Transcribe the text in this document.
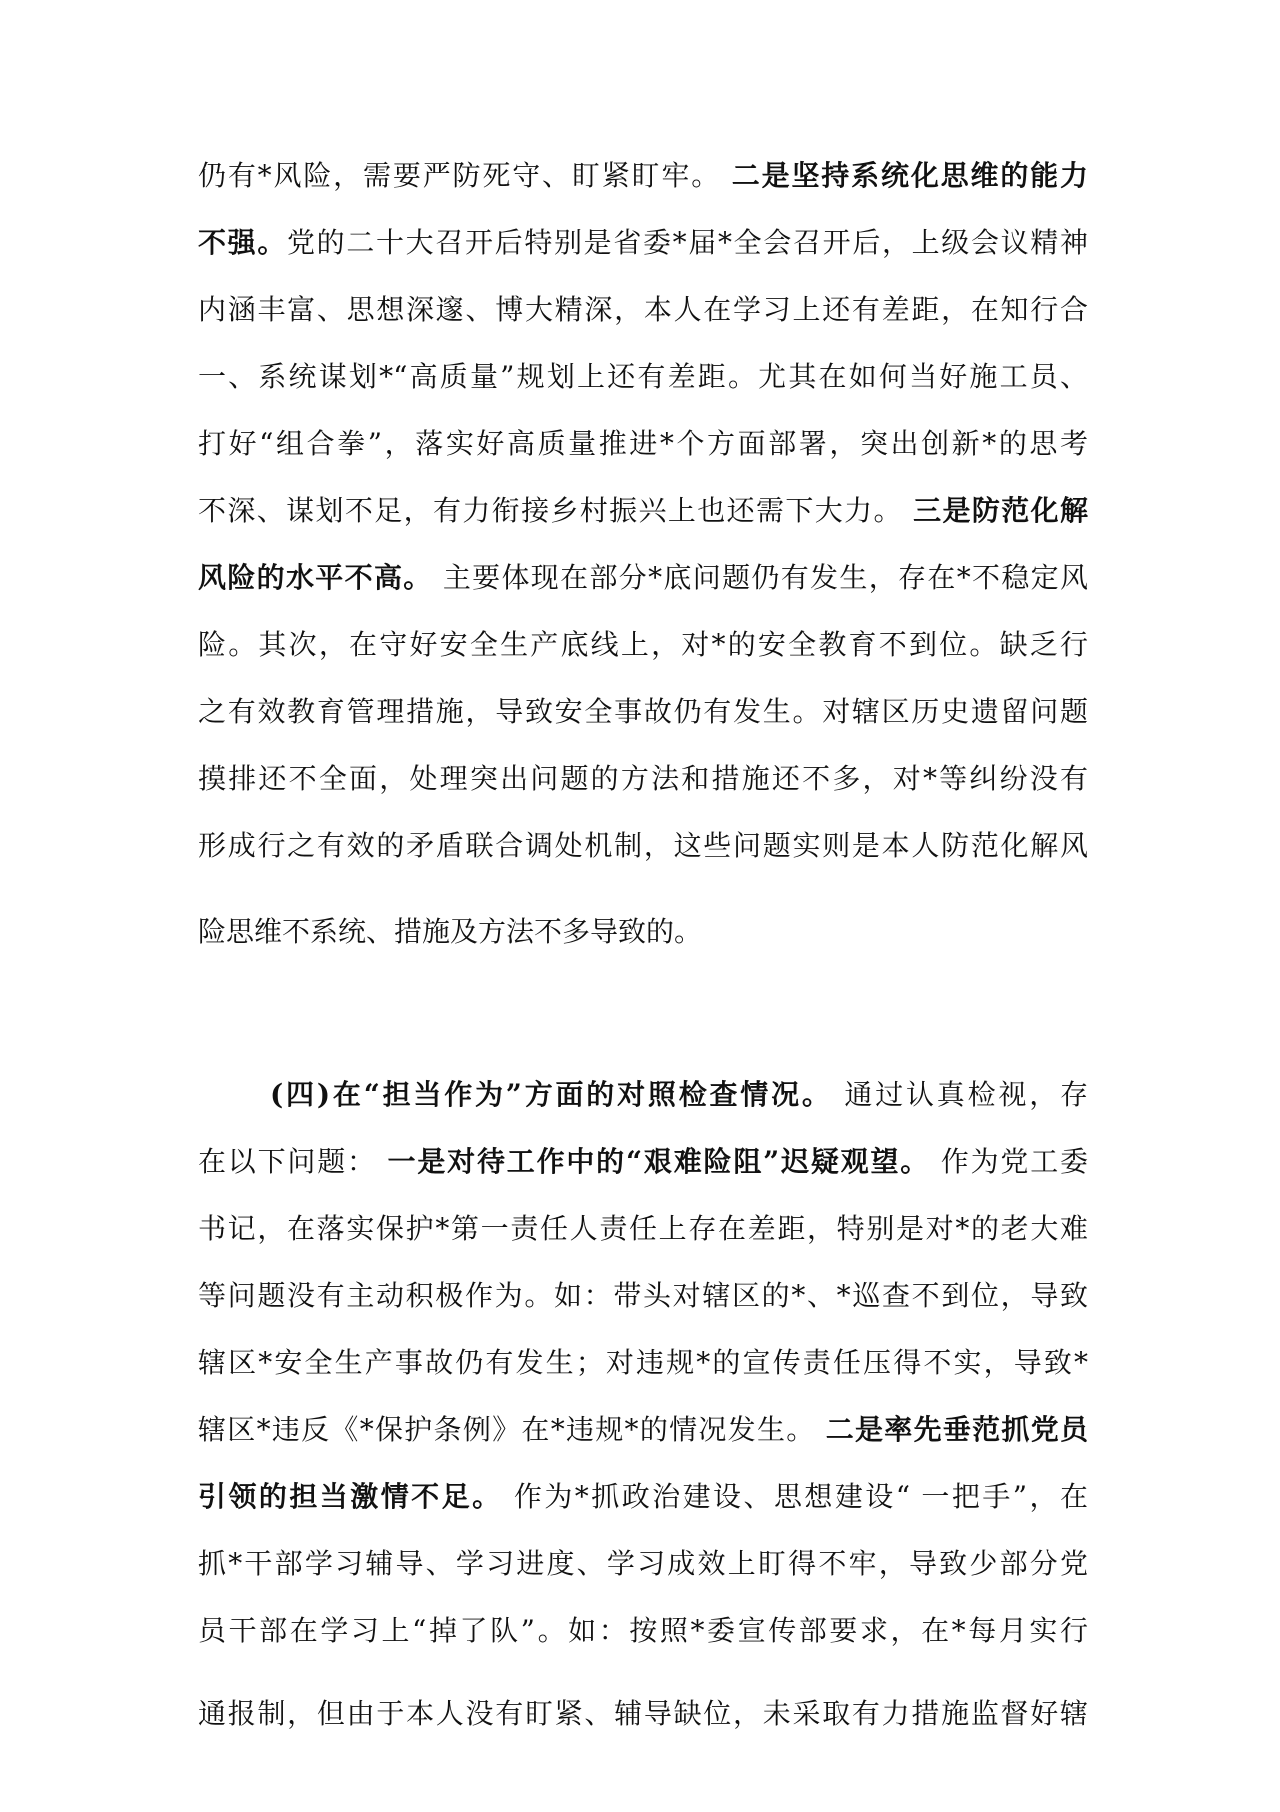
仍有*风险，需要严防死守、盯紧盯牢。 二是坚持系统化思维的能力
不强。党的二十大召开后特别是省委*届*全会召开后，上级会议精神
内涵丰富、思想深邃、博大精深，本人在学习上还有差距，在知行合
一、系统谋划*“高质量”规划上还有差距。尤其在如何当好施工员、
打好“组合拳”，落实好高质量推进*个方面部署，突出创新*的思考
不深、谋划不足，有力衔接乡村振兴上也还需下大力。 三是防范化解
风险的水平不高。 主要体现在部分*底问题仍有发生，存在*不稳定风
险。其次，在守好安全生产底线上，对*的安全教育不到位。缺乏行
之有效教育管理措施，导致安全事故仍有发生。对辖区历史遗留问题
摸排还不全面，处理突出问题的方法和措施还不多，对*等纠纷没有
形成行之有效的矛盾联合调处机制，这些问题实则是本人防范化解风
险思维不系统、措施及方法不多导致的。
(四)在“担当作为”方面的对照检查情况。 通过认真检视，存
在以下问题： 一是对待工作中的“艰难险阻”迟疑观望。 作为党工委
书记，在落实保护*第一责任人责任上存在差距，特别是对*的老大难
等问题没有主动积极作为。如：带头对辖区的*、*巡查不到位，导致
辖区*安全生产事故仍有发生；对违规*的宣传责任压得不实，导致*
辖区*违反《*保护条例》在*违规*的情况发生。 二是率先垂范抓党员
引领的担当激情不足。 作为*抓政治建设、思想建设“ 一把手”，在
抓*干部学习辅导、学习进度、学习成效上盯得不牢，导致少部分党
员干部在学习上“掉了队”。如：按照*委宣传部要求，在*每月实行
通报制，但由于本人没有盯紧、辅导缺位，未采取有力措施监督好辖
